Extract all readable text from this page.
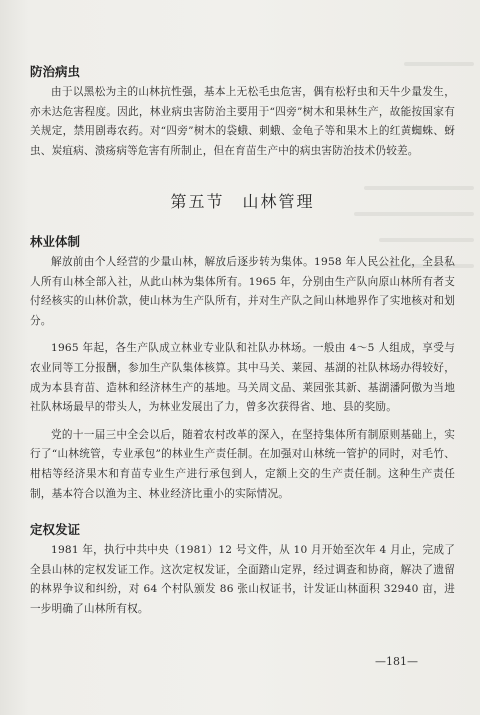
防治病虫

由于以黑松为主的山林抗性强，基本上无松毛虫危害，偶有松籽虫和天牛少量发生，亦未达危害程度。因此，林业病虫害防治主要用于“四旁”树木和果林生产，故能按国家有关规定，禁用剧毒农药。对“四旁”树木的袋蛾、刺蛾、金龟子等和果木上的红黄蜘蛛、蚜虫、炭疽病、溃疡病等危害有所制止，但在育苗生产中的病虫害防治技术仍较差。

第五节　山林管理

林业体制

解放前由个人经营的少量山林，解放后逐步转为集体。1958 年人民公社化，全县私人所有山林全部入社，从此山林为集体所有。1965 年，分别由生产队向原山林所有者支付经核实的山林价款，使山林为生产队所有，并对生产队之间山林地界作了实地核对和划分。

1965 年起，各生产队成立林业专业队和社队办林场。一般由 4～5 人组成，享受与农业同等工分报酬，参加生产队集体核算。其中马关、莱园、基湖的社队林场办得较好，成为本县育苗、造林和经济林生产的基地。马关周文品、莱园张其新、基湖潘阿傲为当地社队林场最早的带头人，为林业发展出了力，曾多次获得省、地、县的奖励。

党的十一届三中全会以后，随着农村改革的深入，在坚持集体所有制原则基础上，实行了“山林统管，专业承包”的林业生产责任制。在加强对山林统一管护的同时，对毛竹、柑桔等经济果木和育苗专业生产进行承包到人，定额上交的生产责任制。这种生产责任制，基本符合以渔为主、林业经济比重小的实际情况。

定权发证

1981 年，执行中共中央（1981）12 号文件，从 10 月开始至次年 4 月止，完成了全县山林的定权发证工作。这次定权发证，全面踏山定界，经过调查和协商，解决了遗留的林界争议和纠纷，对 64 个村队颁发 86 张山权证书，计发证山林面积 32940 亩，进一步明确了山林所有权。

—181—
